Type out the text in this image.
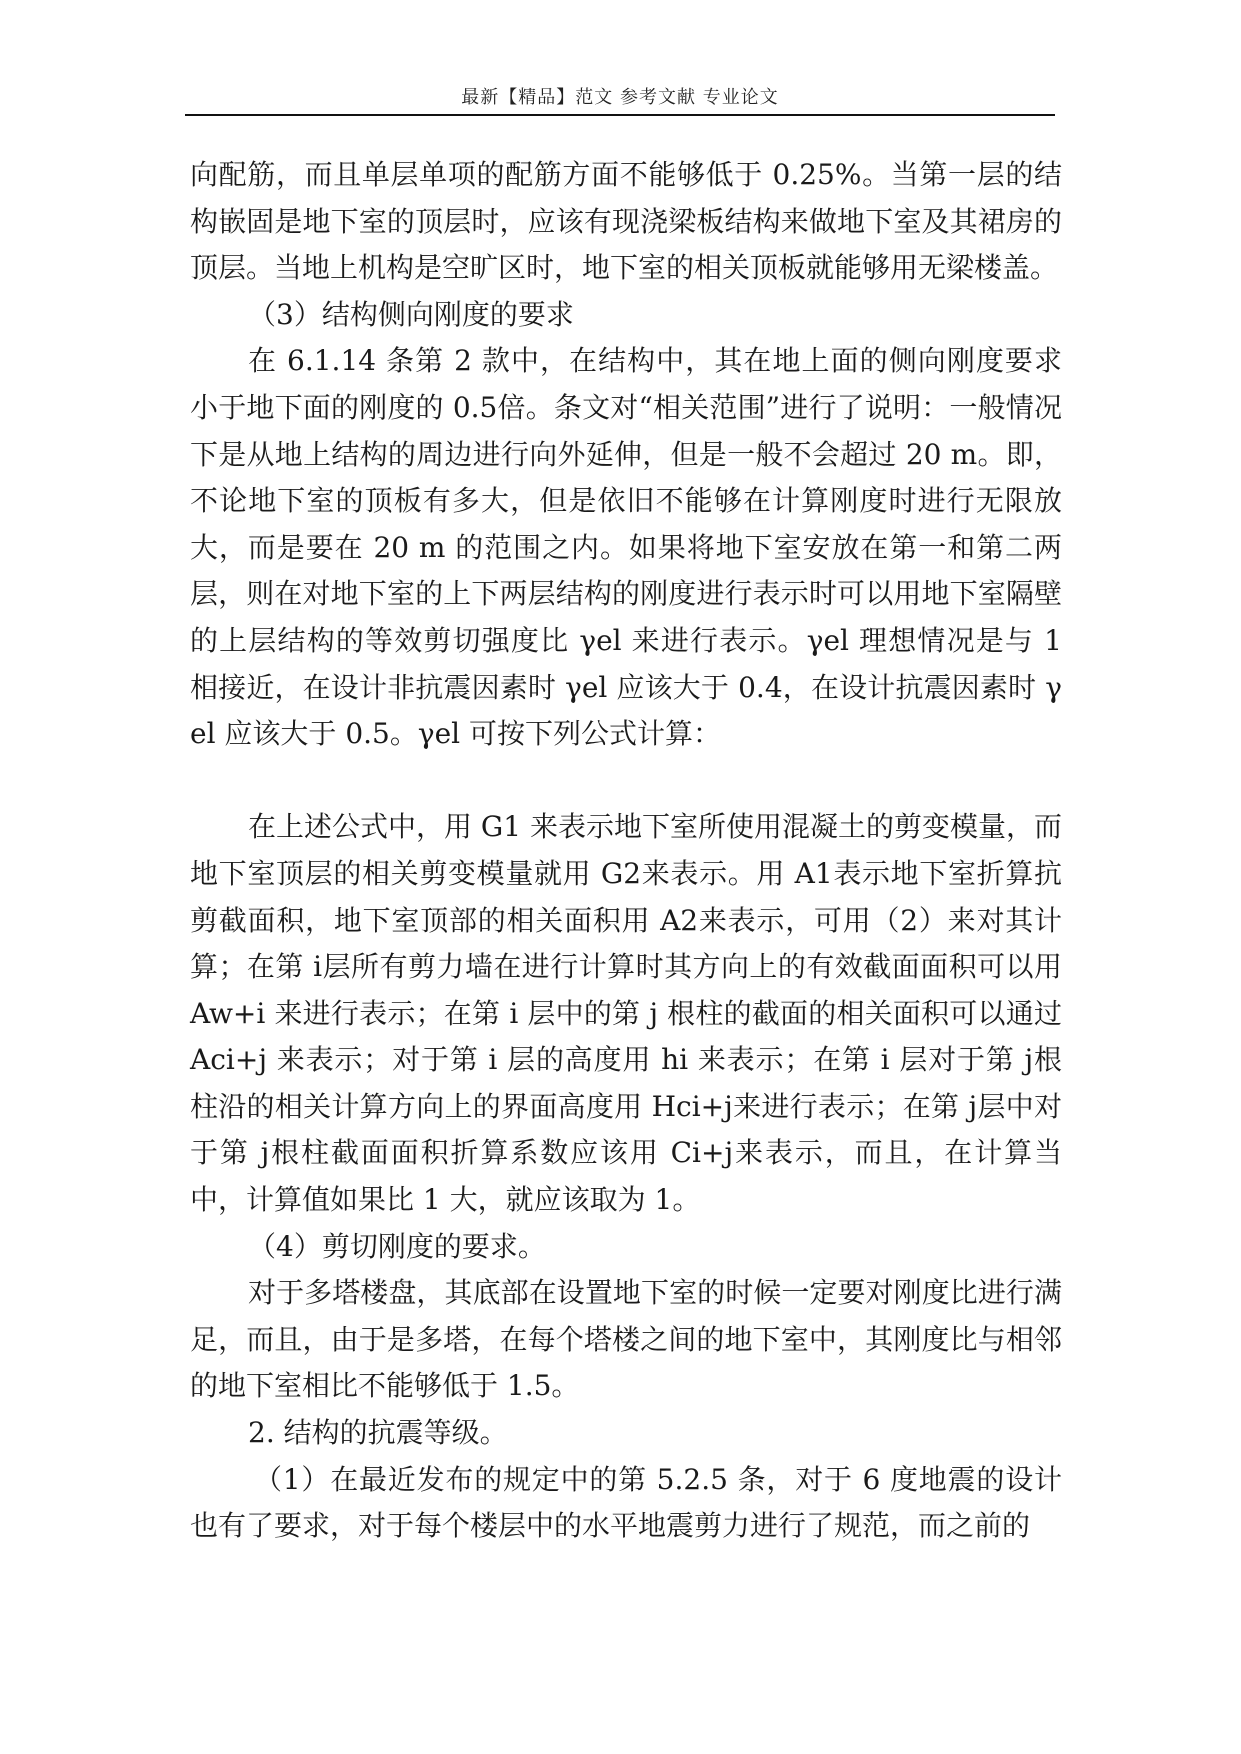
最新【精品】范文 参考文献 专业论文

向配筋，而且单层单项的配筋方面不能够低于 0.25%。当第一层的结构嵌固是地下室的顶层时，应该有现浇梁板结构来做地下室及其裙房的顶层。当地上机构是空旷区时，地下室的相关顶板就能够用无梁楼盖。

（3）结构侧向刚度的要求

在 6.1.14 条第 2 款中，在结构中，其在地上面的侧向刚度要求小于地下面的刚度的 0.5倍。条文对“相关范围”进行了说明：一般情况下是从地上结构的周边进行向外延伸，但是一般不会超过 20 m。即，不论地下室的顶板有多大，但是依旧不能够在计算刚度时进行无限放大，而是要在 20 m 的范围之内。如果将地下室安放在第一和第二两层，则在对地下室的上下两层结构的刚度进行表示时可以用地下室隔壁的上层结构的等效剪切强度比 γel 来进行表示。γel 理想情况是与 1 相接近，在设计非抗震因素时 γel 应该大于 0.4，在设计抗震因素时 γel 应该大于 0.5。γel 可按下列公式计算：

在上述公式中，用 G1 来表示地下室所使用混凝土的剪变模量，而地下室顶层的相关剪变模量就用 G2来表示。用 A1表示地下室折算抗剪截面积，地下室顶部的相关面积用 A2来表示，可用（2）来对其计算；在第 i层所有剪力墙在进行计算时其方向上的有效截面面积可以用 Aw+i 来进行表示；在第 i 层中的第 j 根柱的截面的相关面积可以通过 Aci+j 来表示；对于第 i 层的高度用 hi 来表示；在第 i 层对于第 j根柱沿的相关计算方向上的界面高度用 Hci+j来进行表示；在第 j层中对于第 j根柱截面面积折算系数应该用 Ci+j来表示，而且，在计算当中，计算值如果比 1 大，就应该取为 1。

（4）剪切刚度的要求。

对于多塔楼盘，其底部在设置地下室的时候一定要对刚度比进行满足，而且，由于是多塔，在每个塔楼之间的地下室中，其刚度比与相邻的地下室相比不能够低于 1.5。

2. 结构的抗震等级。

（1）在最近发布的规定中的第 5.2.5 条，对于 6 度地震的设计也有了要求，对于每个楼层中的水平地震剪力进行了规范，而之前的
